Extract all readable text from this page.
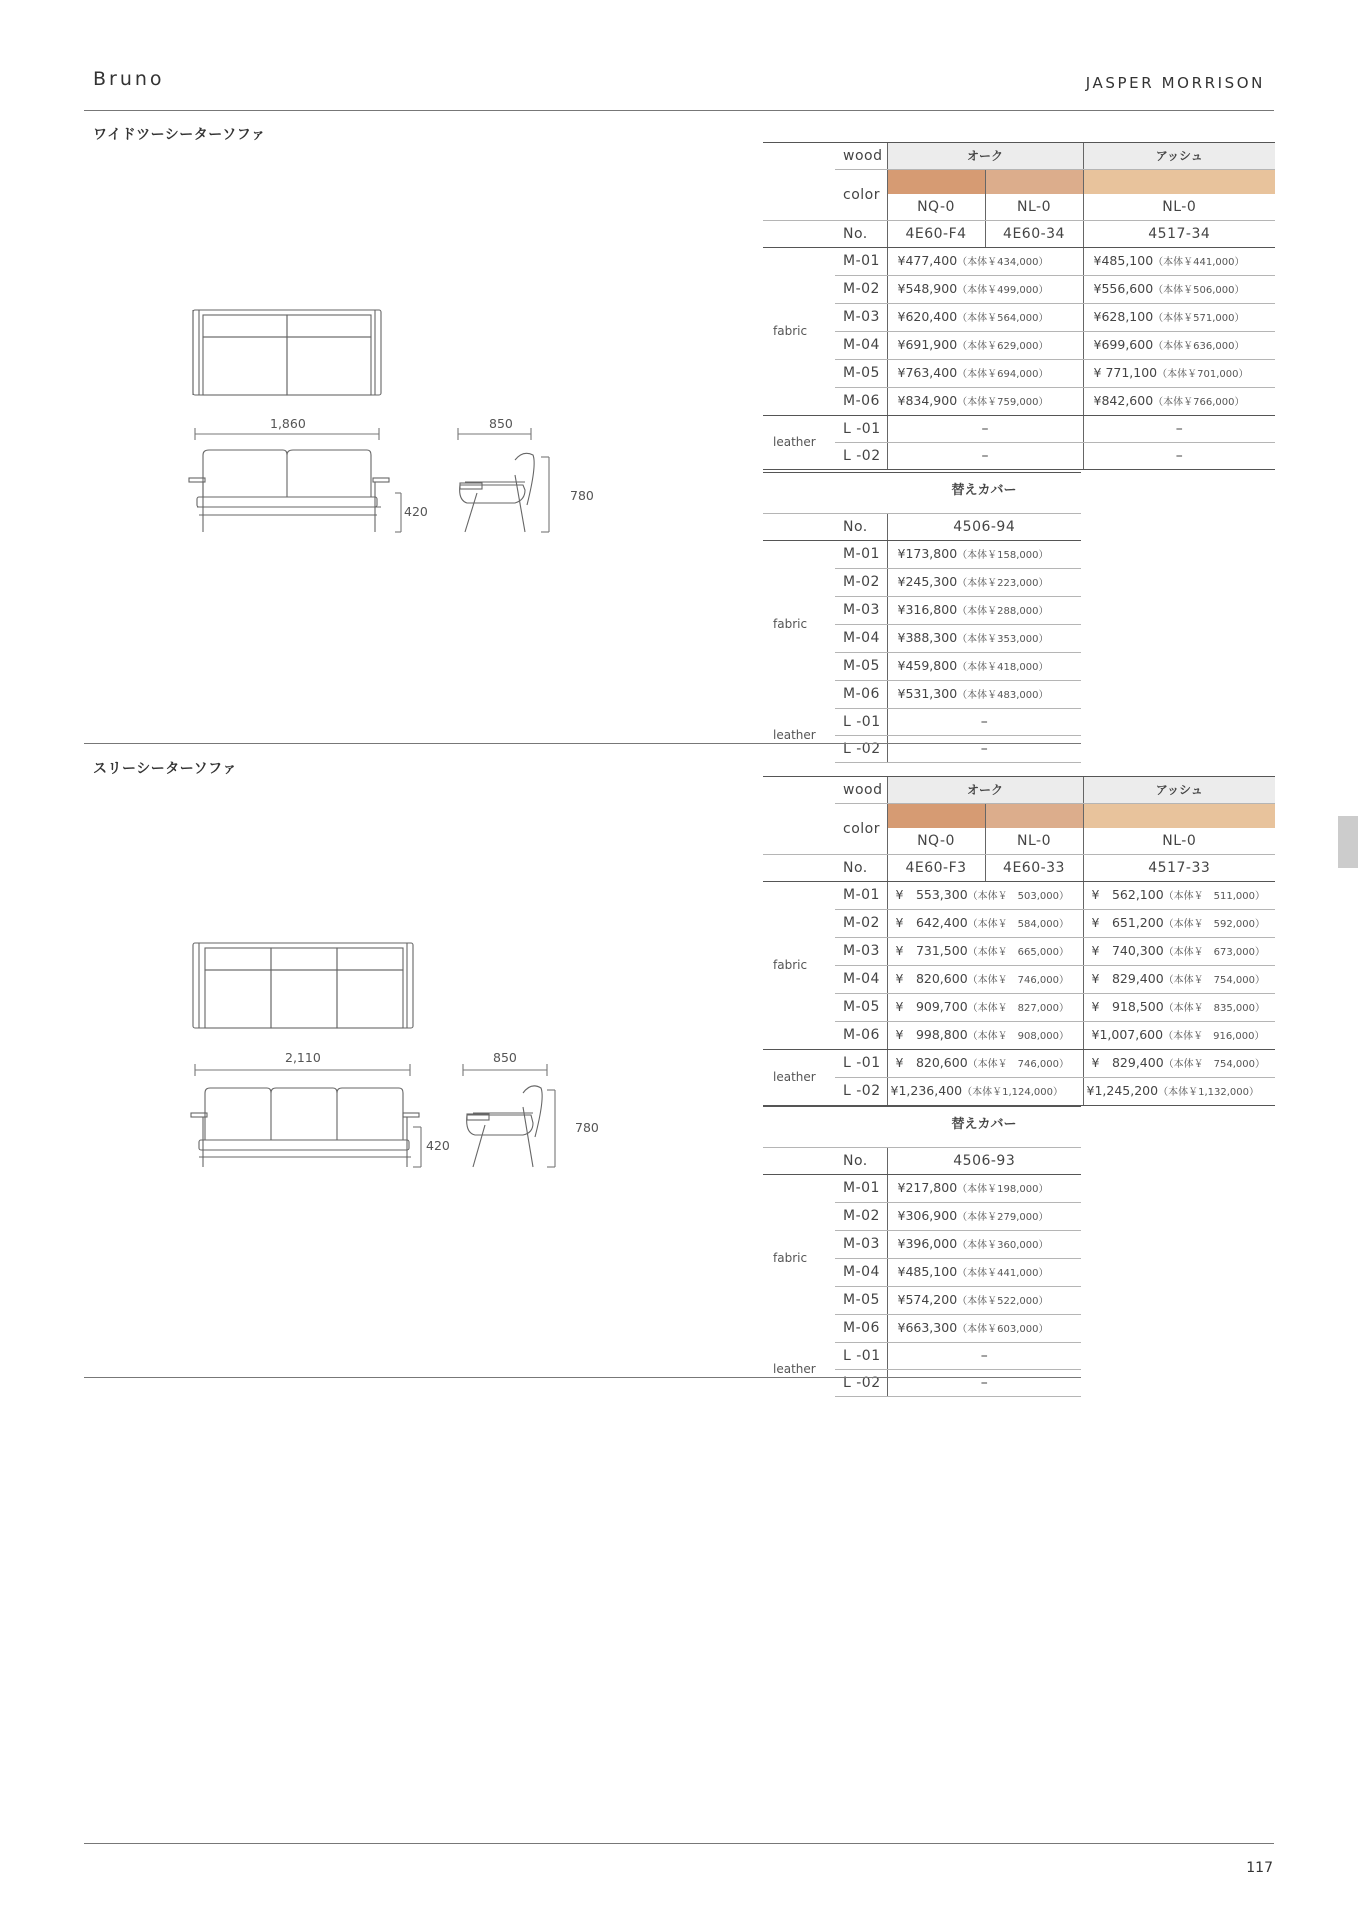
Bruno	JASPER MORRISON
ワイドツーシーターソファ
1,860	850
420
780
	wood	オーク		アッシュ
	color			
		NQ-0	NL-0	NL-0
	No.	4E60-F4	4E60-34	4517-34
fabric	M-01	¥477,400（本体￥434,000）		¥485,100（本体￥441,000）
	M-02	¥548,900（本体￥499,000）		¥556,600（本体￥506,000）
	M-03	¥620,400（本体￥564,000）		¥628,100（本体￥571,000）
	M-04	¥691,900（本体￥629,000）		¥699,600（本体￥636,000）
	M-05	¥763,400（本体￥694,000）		¥ 771,100（本体￥701,000）
	M-06	¥834,900（本体￥759,000）		¥842,600（本体￥766,000）
leather	L -01	–		–
	L -02	–		–
		替えカバー
	No.	4506-94
fabric	M-01	¥173,800（本体￥158,000）
	M-02	¥245,300（本体￥223,000）
	M-03	¥316,800（本体￥288,000）
	M-04	¥388,300（本体￥353,000）
	M-05	¥459,800（本体￥418,000）
	M-06	¥531,300（本体￥483,000）
leather	L -01	–
	L -02	–
スリーシーターソファ
2,110	850
420
780
	wood	オーク		アッシュ
	color			
		NQ-0	NL-0	NL-0
	No.	4E60-F3	4E60-33	4517-33
fabric	M-01	¥　553,300（本体￥　503,000）		¥　562,100（本体￥　511,000）
	M-02	¥　642,400（本体￥　584,000）		¥　651,200（本体￥　592,000）
	M-03	¥　731,500（本体￥　665,000）		¥　740,300（本体￥　673,000）
	M-04	¥　820,600（本体￥　746,000）		¥　829,400（本体￥　754,000）
	M-05	¥　909,700（本体￥　827,000）		¥　918,500（本体￥　835,000）
	M-06	¥　998,800（本体￥　908,000）		¥1,007,600（本体￥　916,000）
leather	L -01	¥　820,600（本体￥　746,000）		¥　829,400（本体￥　754,000）
	L -02	¥1,236,400（本体￥1,124,000）		¥1,245,200（本体￥1,132,000）
		替えカバー
	No.	4506-93
fabric	M-01	¥217,800（本体￥198,000）
	M-02	¥306,900（本体￥279,000）
	M-03	¥396,000（本体￥360,000）
	M-04	¥485,100（本体￥441,000）
	M-05	¥574,200（本体￥522,000）
	M-06	¥663,300（本体￥603,000）
leather	L -01	–
	L -02	–
117
